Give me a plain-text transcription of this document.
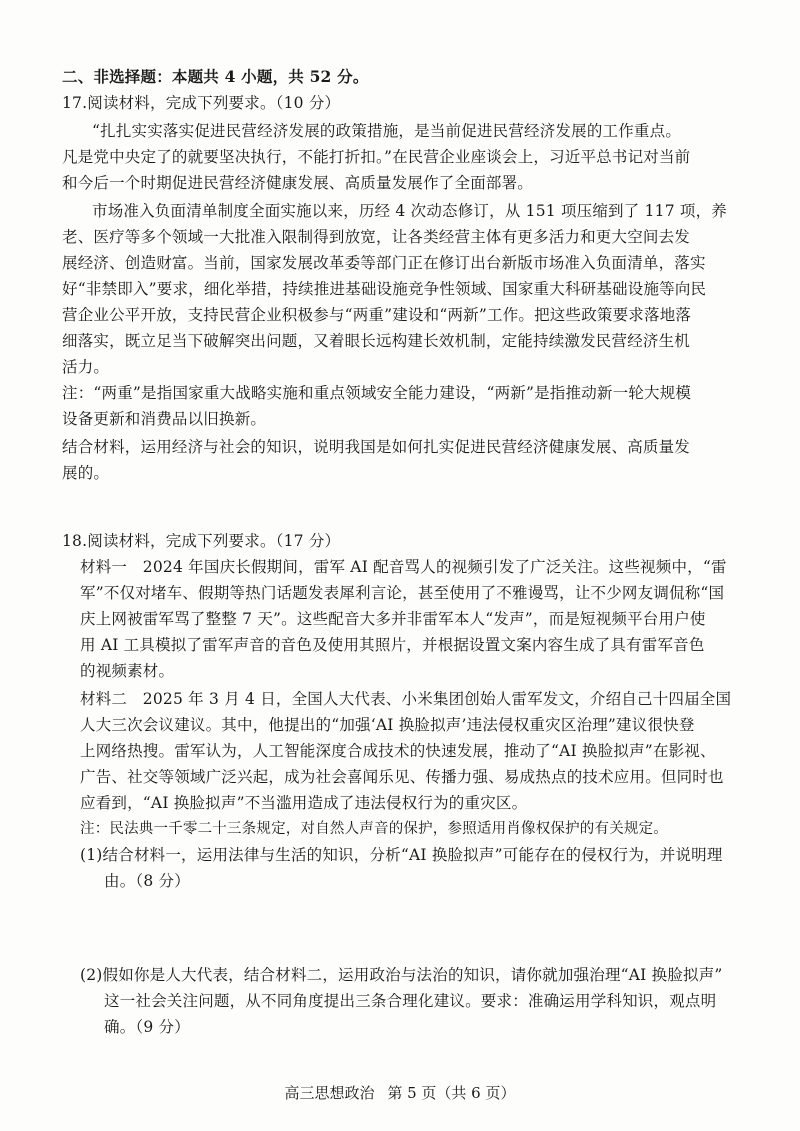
二、非选择题：本题共 4 小题，共 52 分。
17.阅读材料，完成下列要求。（10 分）
“扎扎实实落实促进民营经济发展的政策措施，是当前促进民营经济发展的工作重点。
凡是党中央定了的就要坚决执行，不能打折扣。”在民营企业座谈会上，习近平总书记对当前
和今后一个时期促进民营经济健康发展、高质量发展作了全面部署。
市场准入负面清单制度全面实施以来，历经 4 次动态修订，从 151 项压缩到了 117 项，养
老、医疗等多个领域一大批准入限制得到放宽，让各类经营主体有更多活力和更大空间去发
展经济、创造财富。当前，国家发展改革委等部门正在修订出台新版市场准入负面清单，落实
好“非禁即入”要求，细化举措，持续推进基础设施竞争性领域、国家重大科研基础设施等向民
营企业公平开放，支持民营企业积极参与“两重”建设和“两新”工作。把这些政策要求落地落
细落实，既立足当下破解突出问题，又着眼长远构建长效机制，定能持续激发民营经济生机
活力。
注：“两重”是指国家重大战略实施和重点领域安全能力建设，“两新”是指推动新一轮大规模
设备更新和消费品以旧换新。
结合材料，运用经济与社会的知识，说明我国是如何扎实促进民营经济健康发展、高质量发
展的。
18.阅读材料，完成下列要求。（17 分）
材料一　2024 年国庆长假期间，雷军 AI 配音骂人的视频引发了广泛关注。这些视频中，“雷
军”不仅对堵车、假期等热门话题发表犀利言论，甚至使用了不雅谩骂，让不少网友调侃称“国
庆上网被雷军骂了整整 7 天”。这些配音大多并非雷军本人“发声”，而是短视频平台用户使
用 AI 工具模拟了雷军声音的音色及使用其照片，并根据设置文案内容生成了具有雷军音色
的视频素材。
材料二　2025 年 3 月 4 日，全国人大代表、小米集团创始人雷军发文，介绍自己十四届全国
人大三次会议建议。其中，他提出的“加强‘AI 换脸拟声’违法侵权重灾区治理”建议很快登
上网络热搜。雷军认为，人工智能深度合成技术的快速发展，推动了“AI 换脸拟声”在影视、
广告、社交等领域广泛兴起，成为社会喜闻乐见、传播力强、易成热点的技术应用。但同时也
应看到，“AI 换脸拟声”不当滥用造成了违法侵权行为的重灾区。
注：民法典一千零二十三条规定，对自然人声音的保护，参照适用肖像权保护的有关规定。
(1)结合材料一，运用法律与生活的知识，分析“AI 换脸拟声”可能存在的侵权行为，并说明理
由。（8 分）
(2)假如你是人大代表，结合材料二，运用政治与法治的知识，请你就加强治理“AI 换脸拟声”
这一社会关注问题，从不同角度提出三条合理化建议。要求：准确运用学科知识，观点明
确。（9 分）
高三思想政治 第 5 页（共 6 页）
